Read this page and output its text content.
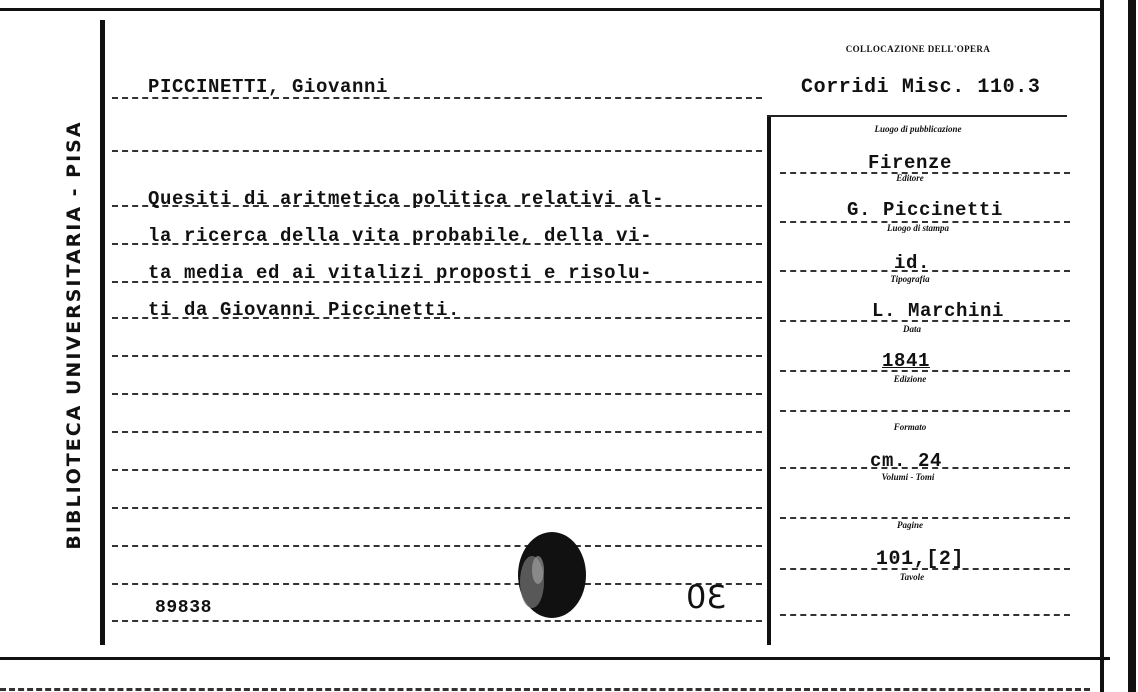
BIBLIOTECA UNIVERSITARIA - PISA
COLLOCAZIONE DELL'OPERA
PICCINETTI, Giovanni	Corridi Misc. 110.3
Quesiti di aritmetica politica relativi al-
la ricerca della vita probabile, della vi-
ta media ed ai vitalizi proposti e risolu-
ti da Giovanni Piccinetti.
89838	30
Luogo di pubblicazione
Firenze
Editore
G. Piccinetti
Luogo di stampa
id.
Tipografia
L. Marchini
Data
1841
Edizione
Formato
cm. 24
Volumi - Tomi
Pagine
101,[2]
Tavole
